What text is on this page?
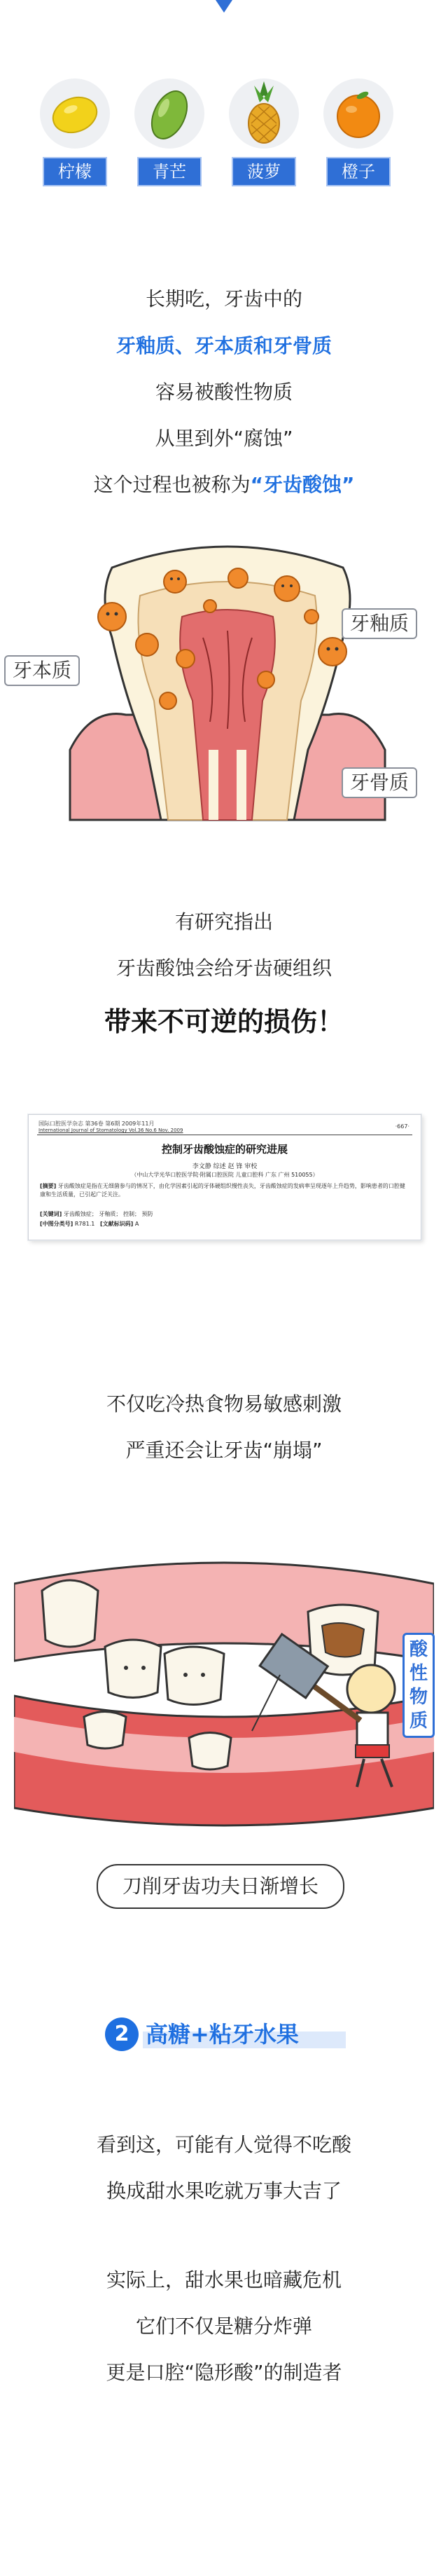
柠檬	青芒	菠萝	橙子
长期吃，牙齿中的
牙釉质、牙本质和牙骨质
容易被酸性物质
从里到外“腐蚀”
这个过程也被称为“牙齿酸蚀”
牙釉质
牙本质
牙骨质
有研究指出
牙齿酸蚀会给牙齿硬组织
带来不可逆的损伤！
国际口腔医学杂志 第36卷 第6期 2009年11月
International Journal of Stomatology Vol.36 No.6 Nov. 2009
·667·
控制牙齿酸蚀症的研究进展
李文静 综述 赵 锋 审校
（中山大学光华口腔医学院·附属口腔医院 儿童口腔科 广东 广州 510055）
[摘要] 牙齿酸蚀症是指在无细菌参与的情况下，由化学因素引起的牙体硬组织慢性丧失，牙齿酸蚀症的发病率呈现逐年上升趋势，影响患者的口腔健康和生活质量，已引起广泛关注。
[关键词] 牙齿酸蚀症； 牙釉质； 控制； 预防
[中图分类号] R781.1 [文献标识码] A
不仅吃冷热食物易敏感刺激
严重还会让牙齿“崩塌”
酸性物质
刀削牙齿功夫日渐增长
2 高糖+粘牙水果
看到这，可能有人觉得不吃酸
换成甜水果吃就万事大吉了
实际上，甜水果也暗藏危机
它们不仅是糖分炸弹
更是口腔“隐形酸”的制造者
